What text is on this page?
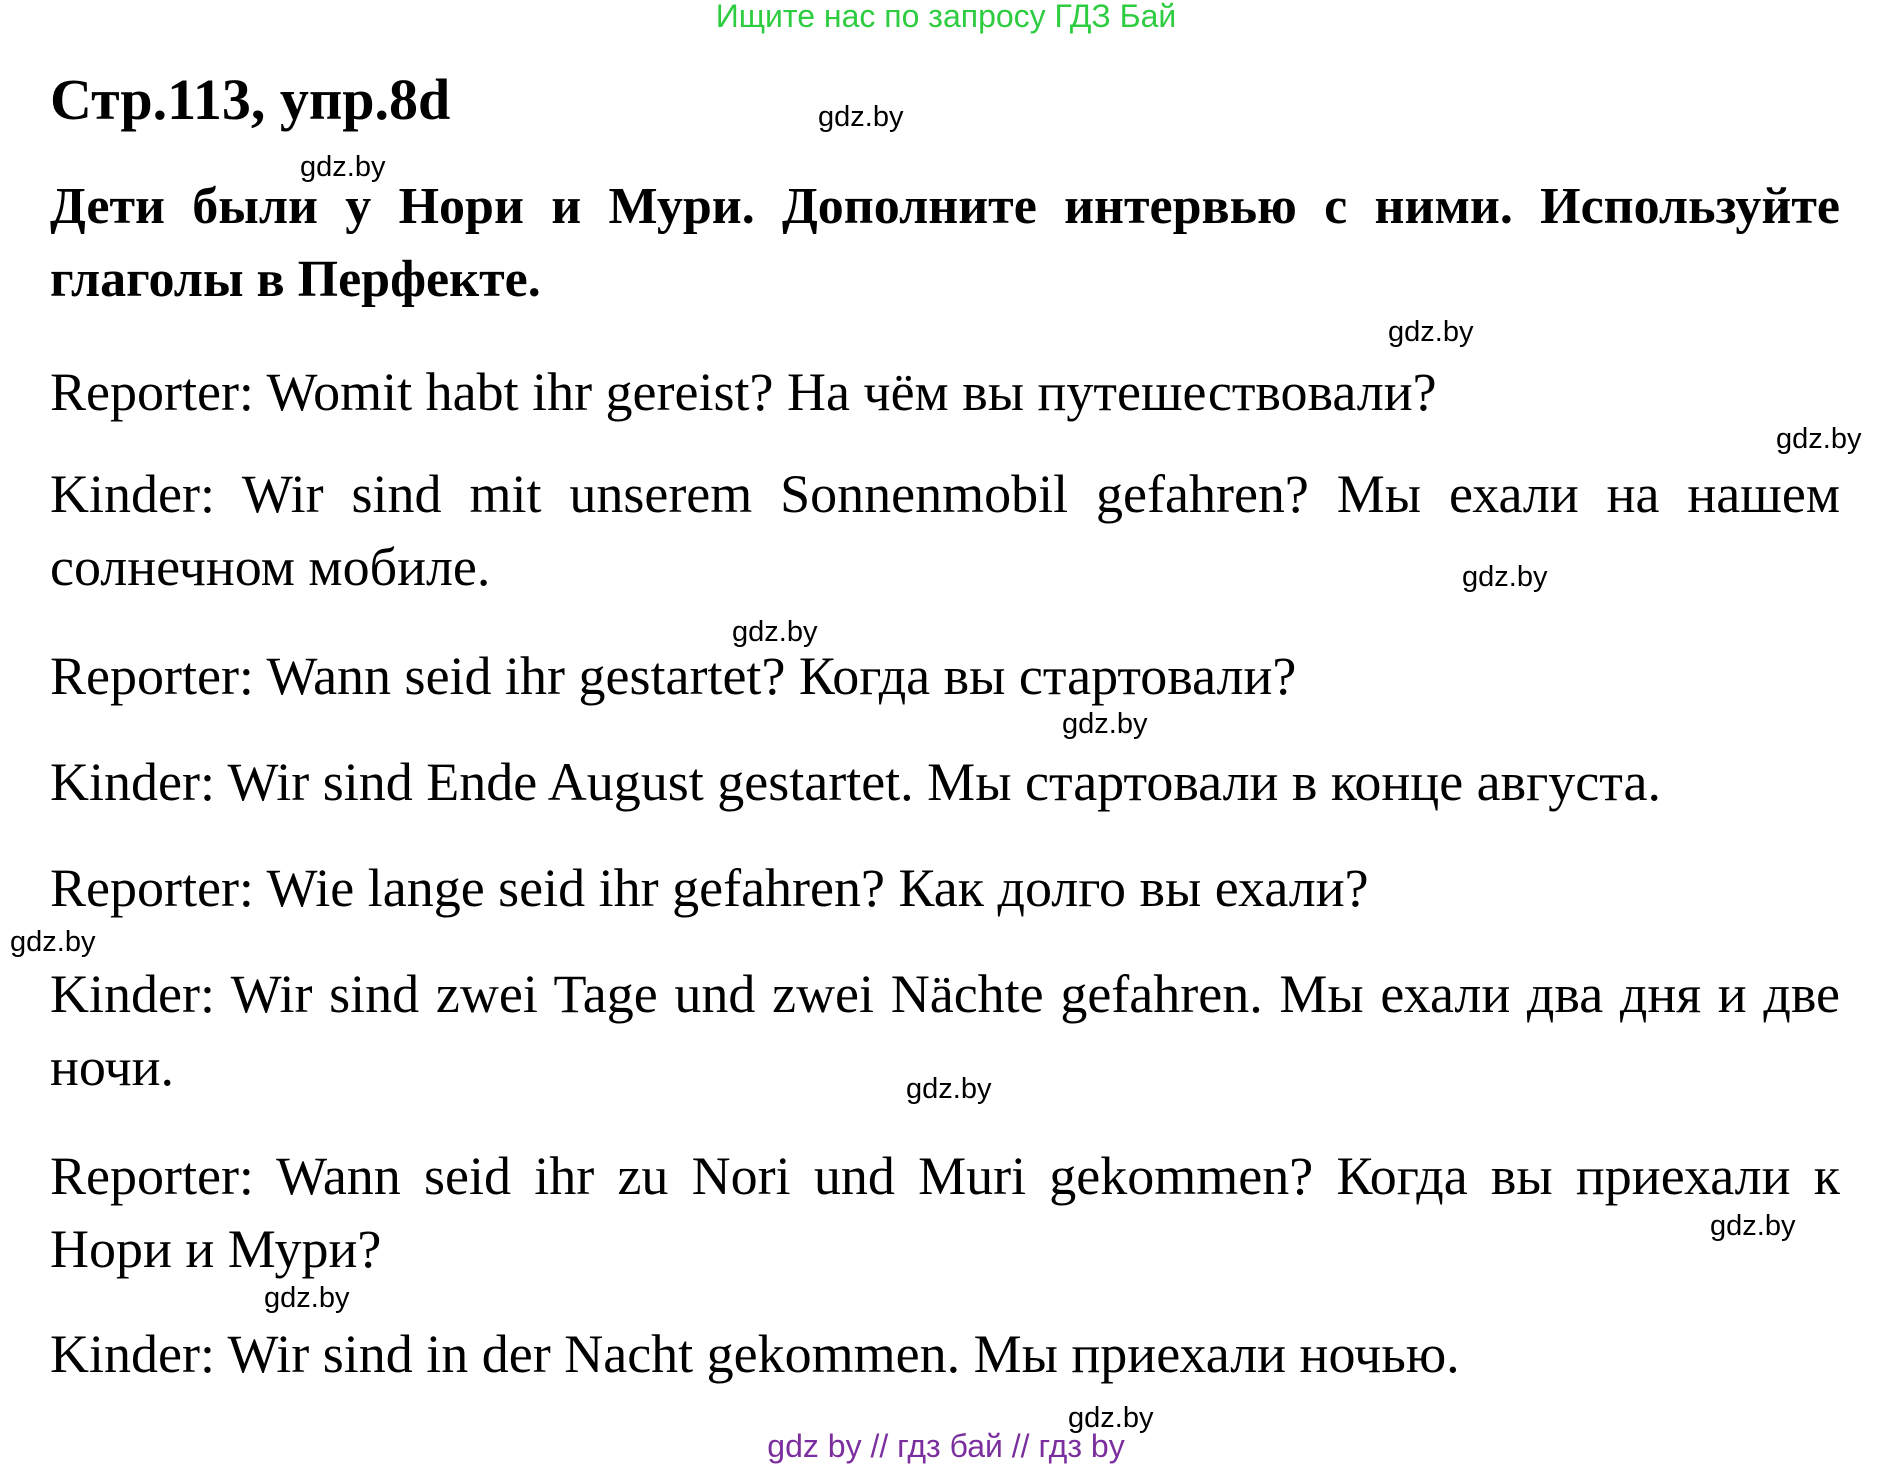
Ищите нас по запросу ГДЗ Бай
Стр.113, упр.8d
Дети были у Нори и Мури. Дополните интервью с ними. Используйте глаголы в Перфекте.
Reporter: Womit habt ihr gereist? На чём вы путешествовали?
Kinder: Wir sind mit unserem Sonnenmobil gefahren? Мы ехали на нашем солнечном мобиле.
Reporter: Wann seid ihr gestartet? Когда вы стартовали?
Kinder: Wir sind Ende August gestartet. Мы стартовали в конце августа.
Reporter: Wie lange seid ihr gefahren? Как долго вы ехали?
Kinder: Wir sind zwei Tage und zwei Nächte gefahren. Мы ехали два дня и две ночи.
Reporter: Wann seid ihr zu Nori und Muri gekommen? Когда вы приехали к Нори и Мури?
Kinder: Wir sind in der Nacht gekommen. Мы приехали ночью.
gdz.by
gdz.by
gdz.by
gdz.by
gdz.by
gdz.by
gdz.by
gdz.by
gdz.by
gdz.by
gdz.by
gdz.by
gdz by // гдз бай // гдз by
